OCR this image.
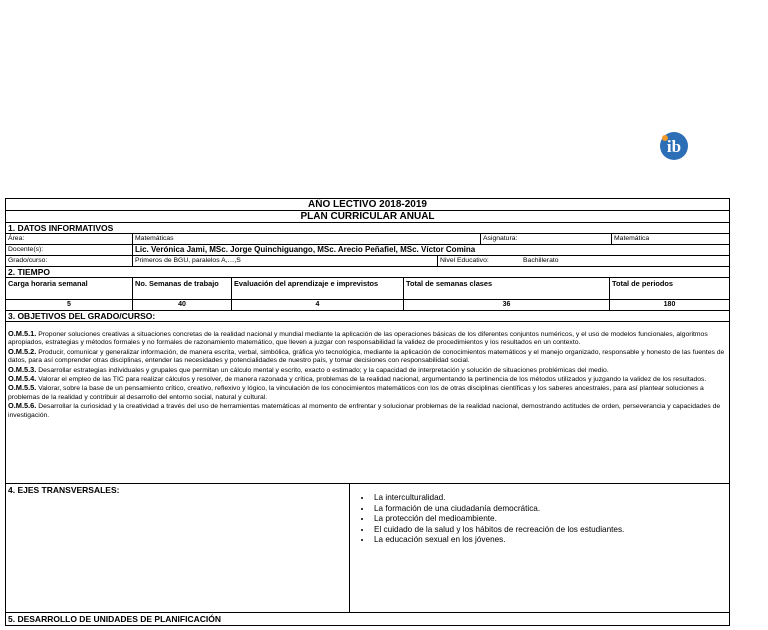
ib
AÑO LECTIVO 2018-2019
PLAN CURRICULAR ANUAL
1. DATOS INFORMATIVOS
Área:	Matemáticas	Asignatura:	Matemática
Docente(s):	Lic. Verónica Jami, MSc. Jorge Quinchiguango, MSc. Arecio Peñafiel, MSc. Víctor Comina
Grado/curso:	Primeros de BGU, paralelos A,…,S	Nivel Educativo:	Bachillerato
2. TIEMPO
Carga horaria semanal	No. Semanas de trabajo	Evaluación del aprendizaje e imprevistos	Total de semanas clases	Total de periodos
5	40	4	36	180
3. OBJETIVOS DEL GRADO/CURSO:

O.M.5.1. Proponer soluciones creativas a situaciones concretas de la realidad nacional y mundial mediante la aplicación de las operaciones básicas de los diferentes conjuntos numéricos, y el uso de modelos funcionales, algoritmos apropiados, estrategias y métodos formales y no formales de razonamiento matemático, que lleven a juzgar con responsabilidad la validez de procedimientos y los resultados en un contexto.

O.M.5.2. Producir, comunicar y generalizar información, de manera escrita, verbal, simbólica, gráfica y/o tecnológica, mediante la aplicación de conocimientos matemáticos y el manejo organizado, responsable y honesto de las fuentes de datos, para así comprender otras disciplinas, entender las necesidades y potencialidades de nuestro país, y tomar decisiones con responsabilidad social.

O.M.5.3. Desarrollar estrategias individuales y grupales que permitan un cálculo mental y escrito, exacto o estimado; y la capacidad de interpretación y solución de situaciones problémicas del medio.

O.M.5.4. Valorar el empleo de las TIC para realizar cálculos y resolver, de manera razonada y crítica, problemas de la realidad nacional, argumentando la pertinencia de los métodos utilizados y juzgando la validez de los resultados.

O.M.5.5. Valorar, sobre la base de un pensamiento crítico, creativo, reflexivo y lógico, la vinculación de los conocimientos matemáticos con los de otras disciplinas científicas y los saberes ancestrales, para así plantear soluciones a problemas de la realidad y contribuir al desarrollo del entorno social, natural y cultural.

O.M.5.6. Desarrollar la curiosidad y la creatividad a través del uso de herramientas matemáticas al momento de enfrentar y solucionar problemas de la realidad nacional, demostrando actitudes de orden, perseverancia y capacidades de investigación.

4. EJES TRANSVERSALES:
• La interculturalidad.
• La formación de una ciudadanía democrática.
• La protección del medioambiente.
• El cuidado de la salud y los hábitos de recreación de los estudiantes.
• La educación sexual en los jóvenes.
5. DESARROLLO DE UNIDADES DE PLANIFICACIÓN
